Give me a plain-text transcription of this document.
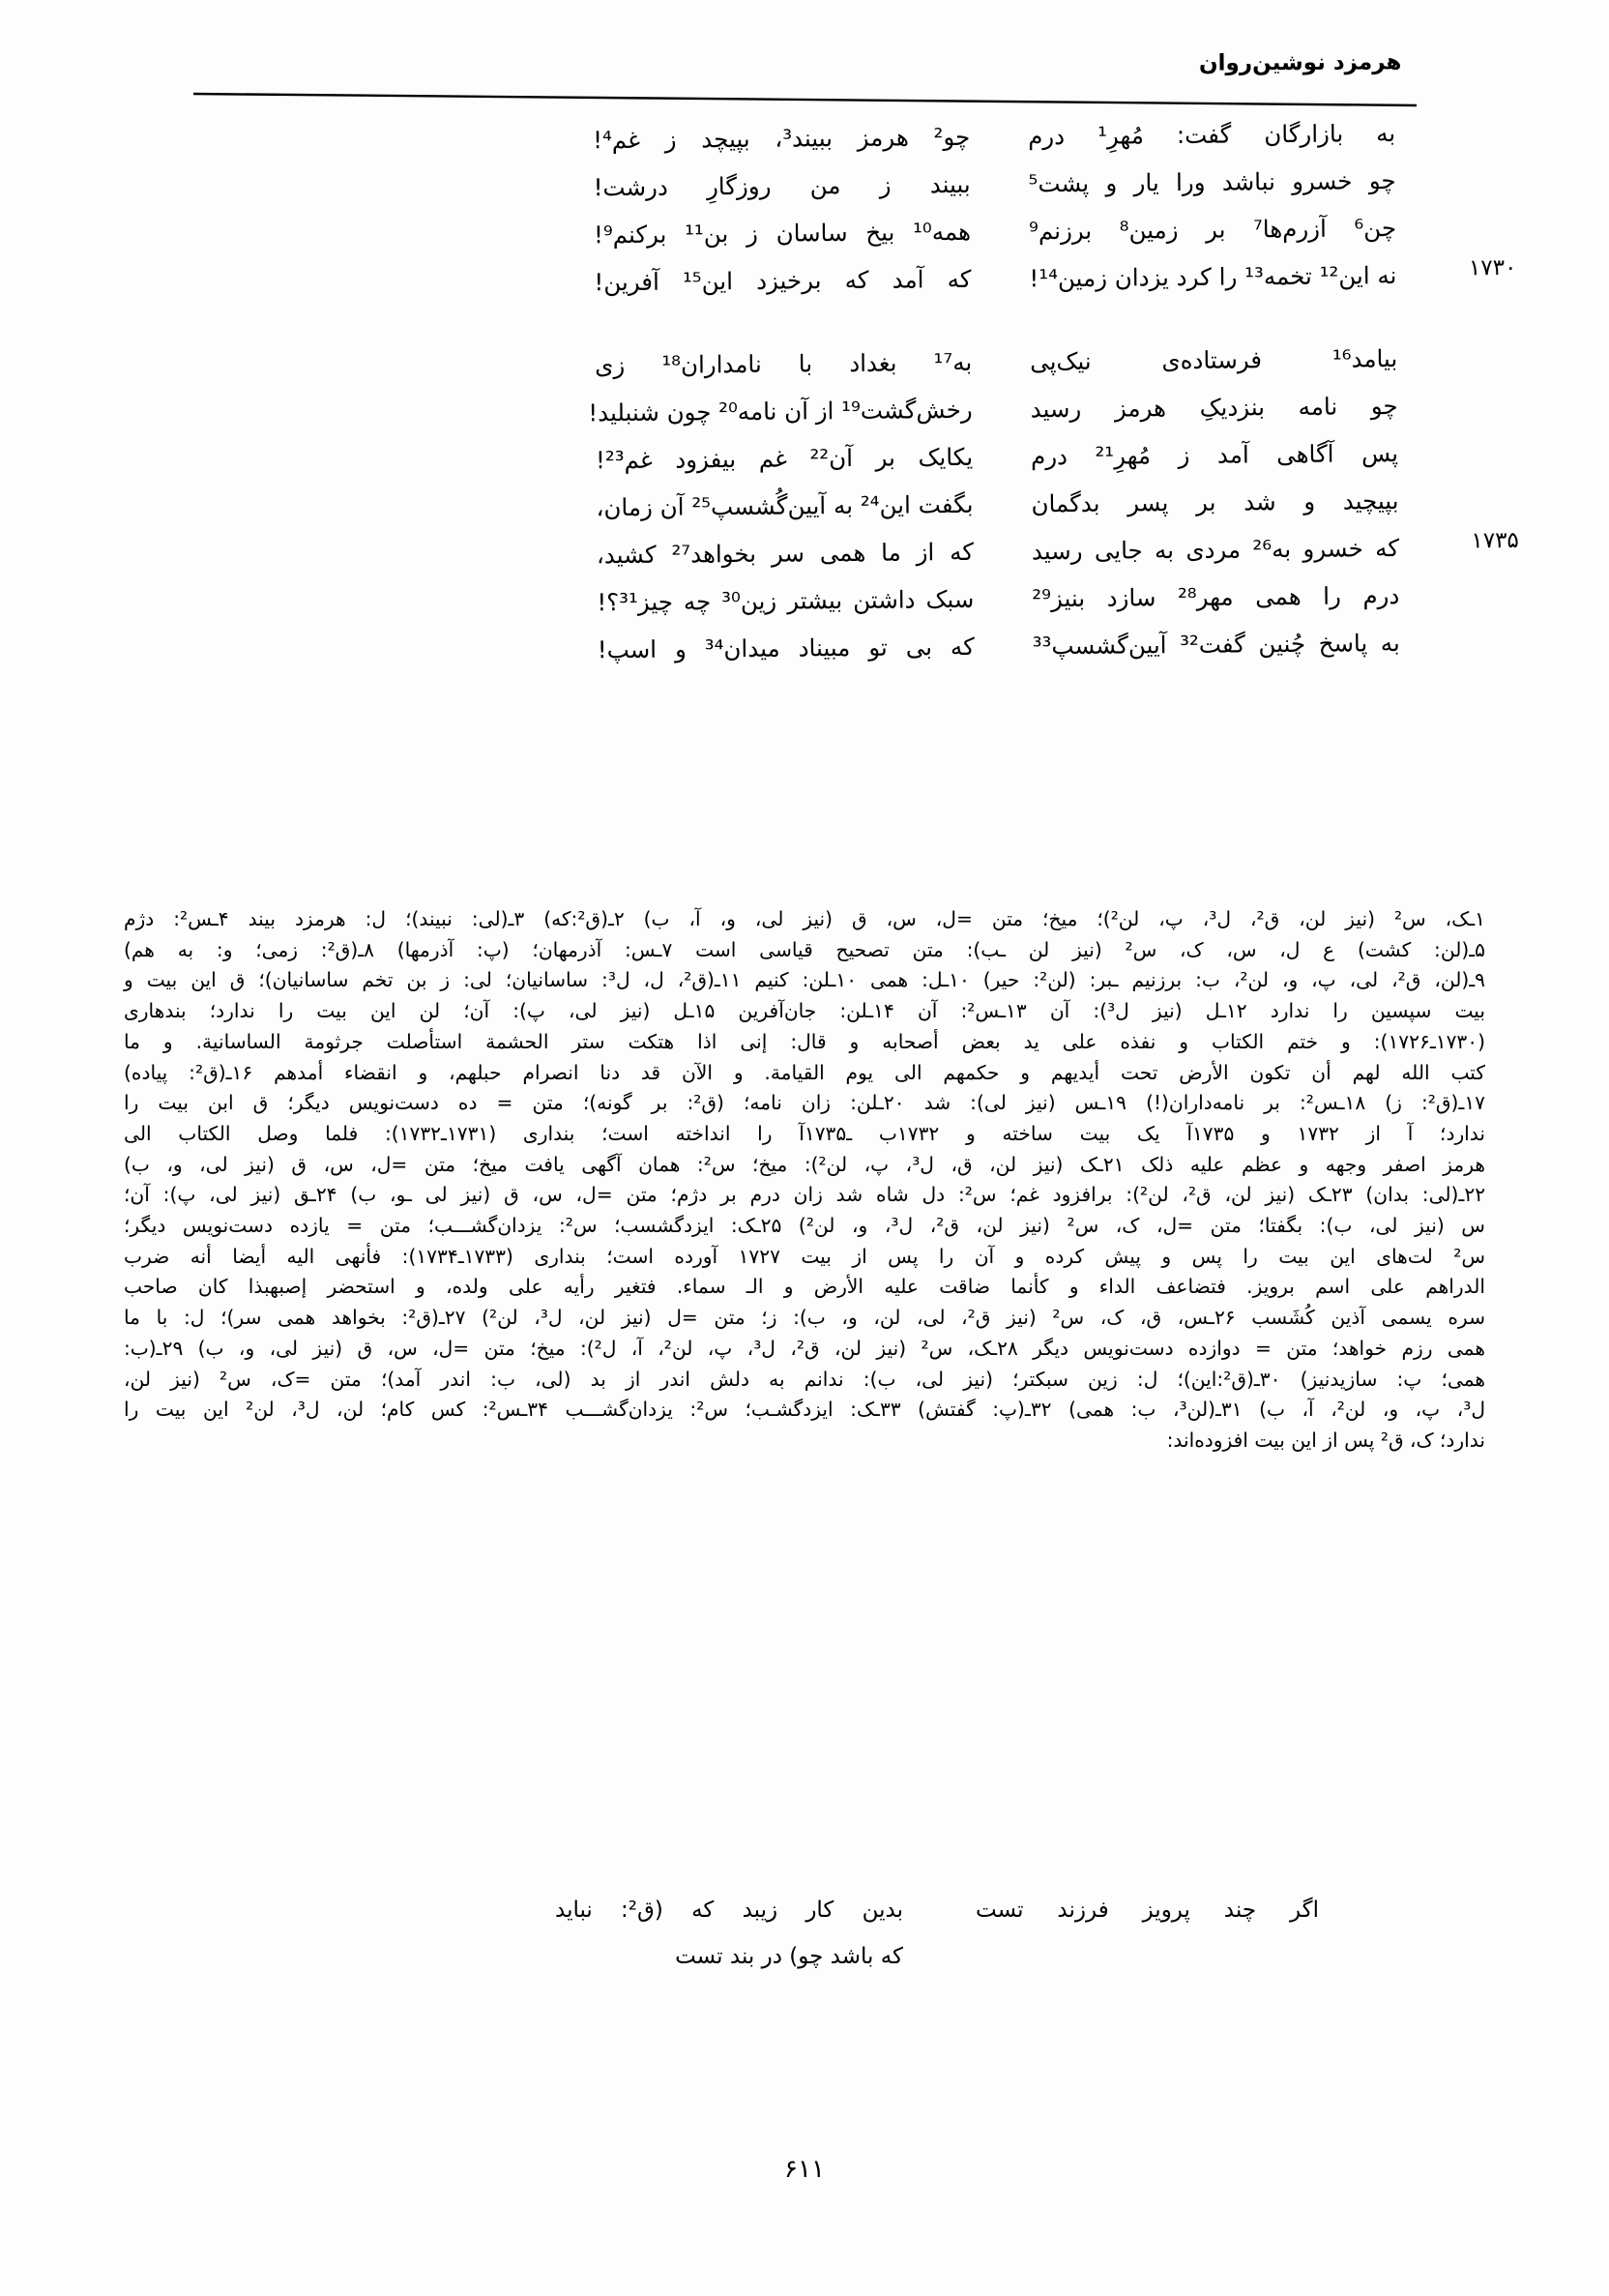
هرمزد نوشین‌روان
به بازارگان گفت: مُهرِ¹ درم
چو² هرمز ببیند³، بپیچد ز غم⁴!
چو خسرو نباشد ورا یار و پشت⁵
ببیند ز من روزگارِ درشت!
چن⁶ آزرم‌ها⁷ بر زمین⁸ برزنم⁹
همه¹⁰ بیخ ساسان ز بن¹¹ برکنم⁹!
۱۷۳۰
نه این¹² تخمه¹³ را کرد یزدان زمین¹⁴!
که آمد که برخیزد این¹⁵ آفرین!
بیامد¹⁶ فرستاده‌ی نیک‌پی
به¹⁷ بغداد با نامداران¹⁸ زی
چو نامه بنزدیکِ هرمز رسید
رخش‌گشت¹⁹ از آن نامه²⁰ چون شنبلید!
پس آگاهی آمد ز مُهرِ²¹ درم
یکایک بر آن²² غم بیفزود غم²³!
بپیچید و شد بر پسر بدگمان
بگفت این²⁴ به آیین‌گُشسپ²⁵ آن زمان،
۱۷۳۵
که خسرو به²⁶ مردی به جایی رسید
که از ما همی سر بخواهد²⁷ کشید،
درم را همی مهر²⁸ سازد بنیز²⁹
سبک داشتن بیشتر زین³⁰ چه چیز³¹؟!
به پاسخ چُنین گفت³² آیین‌گشسپ³³
که بی تو مبیناد میدان³⁴ و اسپ!

۱ـک، س² (نیز لن، ق²، ل³، پ، لن²)؛ میخ؛ متن =ل، س، ق (نیز لی، و، آ، ب) ۲ـ(ق²:که) ۳ـ(لی: نبیند)؛ ل: هرمزد بیند ۴ـس²: دژم

۵ـ(لن: کشت) ع ل، س، ک، س² (نیز لن ـب): متن تصحیح قیاسی است ۷ـس: آذرمهان؛ (پ: آذرمها) ۸ـ(ق²: زمی؛ و: به هم)

۹ـ(لن، ق²، لی، پ، و، لن²، ب: برزنیم ـبر: (لن²: حیر) ۱۰ـل: همی ۱۰ـلن: کنیم ۱۱ـ(ق²، ل، ل³: ساسانیان؛ لی: ز بن تخم ساسانیان)؛ ق این بیت و

بیت سپسین را ندارد ۱۲ـل (نیز ل³): آن ۱۳ـس²: آن ۱۴ـلن: جان‌آفرین ۱۵ـل (نیز لی، پ): آن؛ لن این بیت را ندارد؛ بندهاری

(۱۷۳۰ـ۱۷۲۶): و ختم الکتاب و نفذه علی ید بعض أصحابه و قال: إنی اذا هتکت ستر الحشمة استأصلت جرثومة الساسانیة. و ما

کتب الله لهم أن تکون الأرض تحت أیدیهم و حکمهم الی یوم القیامة. و الآن قد دنا انصرام حبلهم، و انقضاء أمدهم ۱۶ـ(ق²: پیاده)

۱۷ـ(ق²: ز) ۱۸ـس²: بر نامه‌داران(!) ۱۹ـس (نیز لی): شد ۲۰ـلن: زان نامه؛ (ق²: بر گونه)؛ متن = ده دست‌نویس دیگر؛ ق ابن بیت را

ندارد؛ آ از ۱۷۳۲ و ۱۷۳۵آ یک بیت ساخته و ۱۷۳۲ب ـ۱۷۳۵آ را انداخته است؛ بنداری (۱۷۳۱ـ۱۷۳۲): فلما وصل الکتاب الی

هرمز اصفر وجهه و عظم علیه ذلک ۲۱ـک (نیز لن، ق، ل³، پ، لن²): میخ؛ س²: همان آگهی یافت میخ؛ متن =ل، س، ق (نیز لی، و، ب)

۲۲ـ(لی: بدان) ۲۳ـک (نیز لن، ق²، لن²): برافزود غم؛ س²: دل شاه شد زان درم بر دژم؛ متن =ل، س، ق (نیز لی ـو، ب) ۲۴ـق (نیز لی، پ): آن؛

س (نیز لی، ب): بگفتا؛ متن =ل، ک، س² (نیز لن، ق²، ل³، و، لن²) ۲۵ـک: ایزدگشسب؛ س²: یزدان‌گشـــب؛ متن = یازده دست‌نویس دیگر؛

س² لت‌های این بیت را پس و پیش کرده و آن را پس از بیت ۱۷۲۷ آورده است؛ بنداری (۱۷۳۳ـ۱۷۳۴): فأنهی الیه أیضا أنه ضرب

الدراهم علی اسم برویز. فتضاعف الداء و کأنما ضاقت علیه الأرض و الـ سماء. فتغیر رأیه علی ولده، و استحضر إصبهبذا کان صاحب

سره یسمی آذین کُشَسب ۲۶ـس، ق، ک، س² (نیز ق²، لی، لن، و، ب): ز؛ متن =ل (نیز لن، ل³، لن²) ۲۷ـ(ق²: بخواهد همی سر)؛ ل: با ما

همی رزم خواهد؛ متن = دوازده دست‌نویس دیگر ۲۸ـک، س² (نیز لن، ق²، ل³، پ، لن²، آ، ل²): میخ؛ متن =ل، س، ق (نیز لی، و، ب) ۲۹ـ(ب:

همی؛ پ: سازیدنیز) ۳۰ـ(ق²:این)؛ ل: زین سبکتر؛ (نیز لی، ب): ندانم به دلش اندر از بد (لی، ب: اندر آمد)؛ متن =ک، س² (نیز لن،

ل³، پ، و، لن²، آ، ب) ۳۱ـ(لن³، ب: همی) ۳۲ـ(پ: گفتش) ۳۳ـک: ایزدگشـب؛ س²: یزدان‌گشـــب ۳۴ـس²: کس کام؛ لن، ل³، لن² این بیت را

ندارد؛ ک، ق² پس از این بیت افزوده‌اند:

اگر چند پرویز فرزند تست
بدین کار زیبد که (ق²: نباید
که باشد چو) در بند تست
۶۱۱
